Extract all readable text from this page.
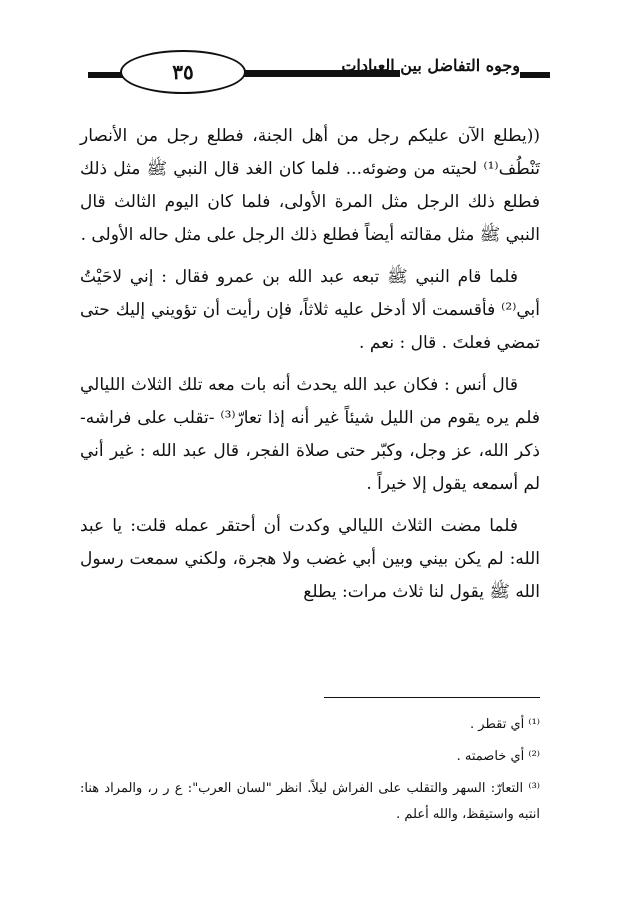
٣٥	وجوه التفاضل بين العبادات

((يطلع الآن عليكم رجل من أهل الجنة، فطلع رجل من الأنصار تَنْطُف⁽¹⁾ لحيته من وضوئه... فلما كان الغد قال النبي ﷺ مثل ذلك فطلع ذلك الرجل مثل المرة الأولى، فلما كان اليوم الثالث قال النبي ﷺ مثل مقالته أيضاً فطلع ذلك الرجل على مثل حاله الأولى .

فلما قام النبي ﷺ تبعه عبد الله بن عمرو فقال : إني لاحَيْتُ أبي⁽²⁾ فأقسمت ألا أدخل عليه ثلاثاً، فإن رأيت أن تؤويني إليك حتى تمضي فعلتَ . قال : نعم .

قال أنس : فكان عبد الله يحدث أنه بات معه تلك الثلاث الليالي فلم يره يقوم من الليل شيئاً غير أنه إذا تعارّ⁽³⁾ -تقلب على فراشه- ذكر الله، عز وجل، وكبّر حتى صلاة الفجر، قال عبد الله : غير أني لم أسمعه يقول إلا خيراً .

فلما مضت الثلاث الليالي وكدت أن أحتقر عمله قلت: يا عبد الله: لم يكن بيني وبين أبي غضب ولا هجرة، ولكني سمعت رسول الله ﷺ يقول لنا ثلاث مرات: يطلع

⁽¹⁾ أي تقطر .

⁽²⁾ أي خاصمته .

⁽³⁾ التعارّ: السهر والتقلب على الفراش ليلاً. انظر "لسان العرب": ع ر ر، والمراد هنا: انتبه واستيقظ، والله أعلم .
